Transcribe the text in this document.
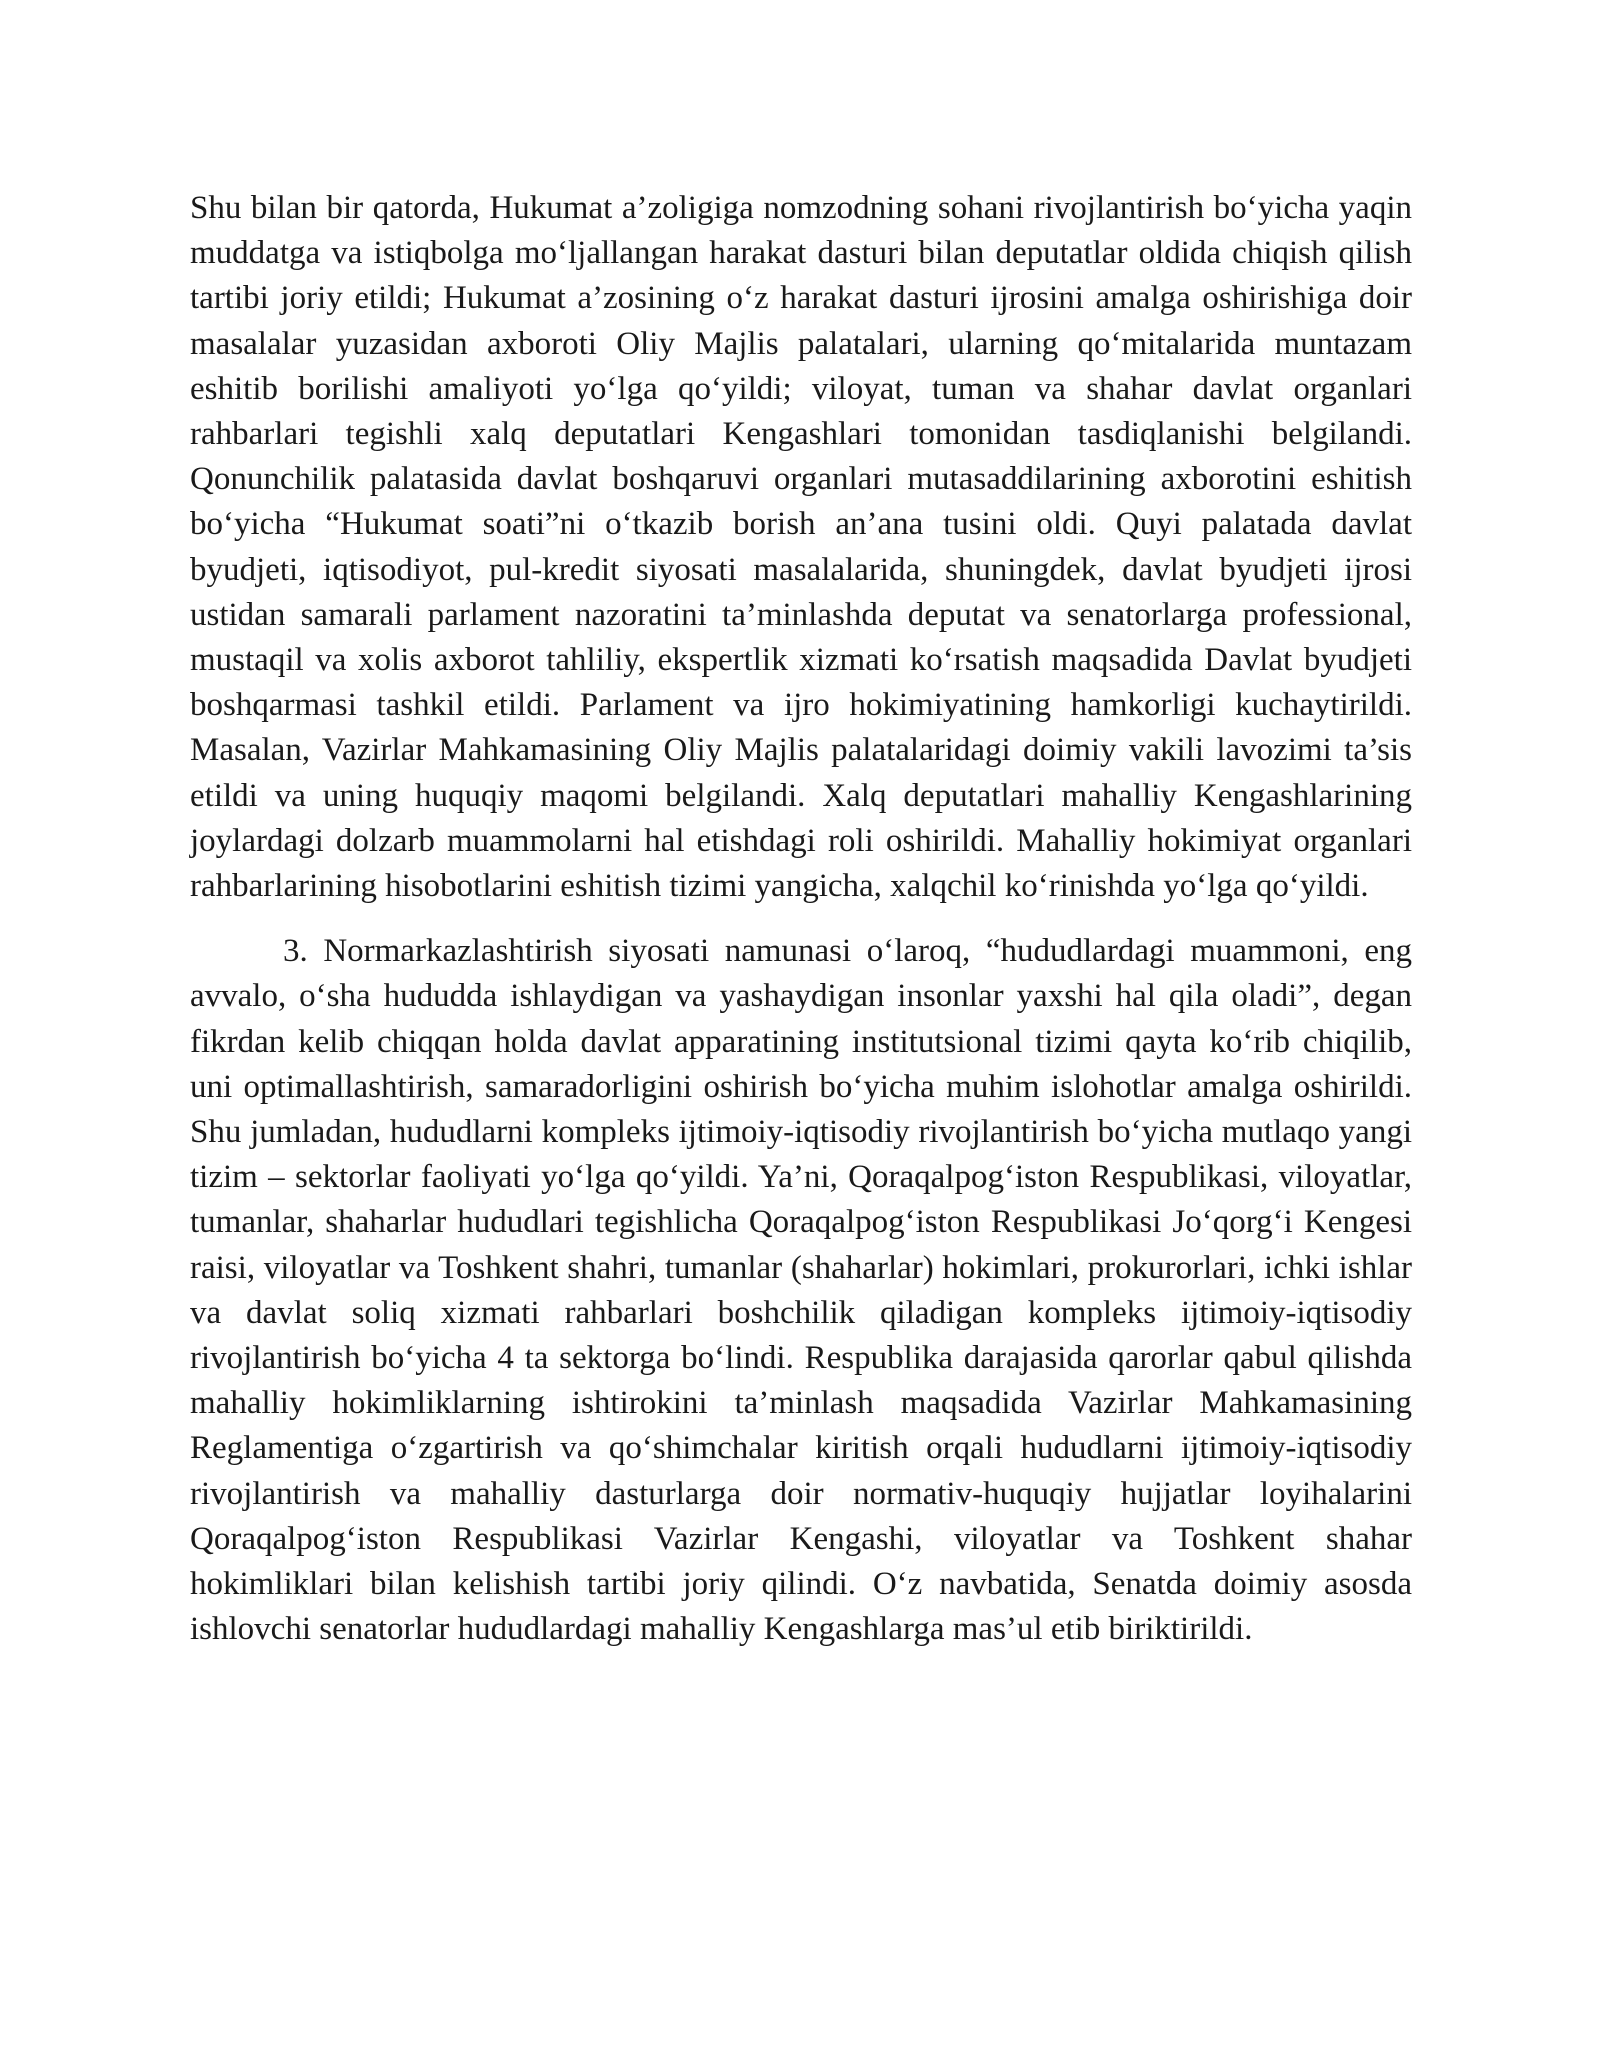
Shu bilan bir qatorda, Hukumat a’zoligiga nomzodning sohani rivojlantirish bo‘yicha yaqin muddatga va istiqbolga mo‘ljallangan harakat dasturi bilan deputatlar oldida chiqish qilish tartibi joriy etildi; Hukumat a’zosining o‘z harakat dasturi ijrosini amalga oshirishiga doir masalalar yuzasidan axboroti Oliy Majlis palatalari, ularning qo‘mitalarida muntazam eshitib borilishi amaliyoti yo‘lga qo‘yildi; viloyat, tuman va shahar davlat organlari rahbarlari tegishli xalq deputatlari Kengashlari tomonidan tasdiqlanishi belgilandi. Qonunchilik palatasida davlat boshqaruvi organlari mutasaddilarining axborotini eshitish bo‘yicha “Hukumat soati”ni o‘tkazib borish an’ana tusini oldi. Quyi palatada davlat byudjeti, iqtisodiyot, pul-kredit siyosati masalalarida, shuningdek, davlat byudjeti ijrosi ustidan samarali parlament nazoratini ta’minlashda deputat va senatorlarga professional, mustaqil va xolis axborot tahliliy, ekspertlik xizmati ko‘rsatish maqsadida Davlat byudjeti boshqarmasi tashkil etildi. Parlament va ijro hokimiyatining hamkorligi kuchaytirildi. Masalan, Vazirlar Mahkamasining Oliy Majlis palatalaridagi doimiy vakili lavozimi ta’sis etildi va uning huquqiy maqomi belgilandi. Xalq deputatlari mahalliy Kengashlarining joylardagi dolzarb muammolarni hal etishdagi roli oshirildi. Mahalliy hokimiyat organlari rahbarlarining hisobotlarini eshitish tizimi yangicha, xalqchil ko‘rinishda yo‘lga qo‘yildi.

3. Normarkazlashtirish siyosati namunasi o‘laroq, “hududlardagi muammoni, eng avvalo, o‘sha hududda ishlaydigan va yashaydigan insonlar yaxshi hal qila oladi”, degan fikrdan kelib chiqqan holda davlat apparatining institutsional tizimi qayta ko‘rib chiqilib, uni optimallashtirish, samaradorligini oshirish bo‘yicha muhim islohotlar amalga oshirildi. Shu jumladan, hududlarni kompleks ijtimoiy-iqtisodiy rivojlantirish bo‘yicha mutlaqo yangi tizim – sektorlar faoliyati yo‘lga qo‘yildi. Ya’ni, Qoraqalpog‘iston Respublikasi, viloyatlar, tumanlar, shaharlar hududlari tegishlicha Qoraqalpog‘iston Respublikasi Jo‘qorg‘i Kengesi raisi, viloyatlar va Toshkent shahri, tumanlar (shaharlar) hokimlari, prokurorlari, ichki ishlar va davlat soliq xizmati rahbarlari boshchilik qiladigan kompleks ijtimoiy-iqtisodiy rivojlantirish bo‘yicha 4 ta sektorga bo‘lindi. Respublika darajasida qarorlar qabul qilishda mahalliy hokimliklarning ishtirokini ta’minlash maqsadida Vazirlar Mahkamasining Reglamentiga o‘zgartirish va qo‘shimchalar kiritish orqali hududlarni ijtimoiy-iqtisodiy rivojlantirish va mahalliy dasturlarga doir normativ-huquqiy hujjatlar loyihalarini Qoraqalpog‘iston Respublikasi Vazirlar Kengashi, viloyatlar va Toshkent shahar hokimliklari bilan kelishish tartibi joriy qilindi. O‘z navbatida, Senatda doimiy asosda ishlovchi senatorlar hududlardagi mahalliy Kengashlarga mas’ul etib biriktirildi.
